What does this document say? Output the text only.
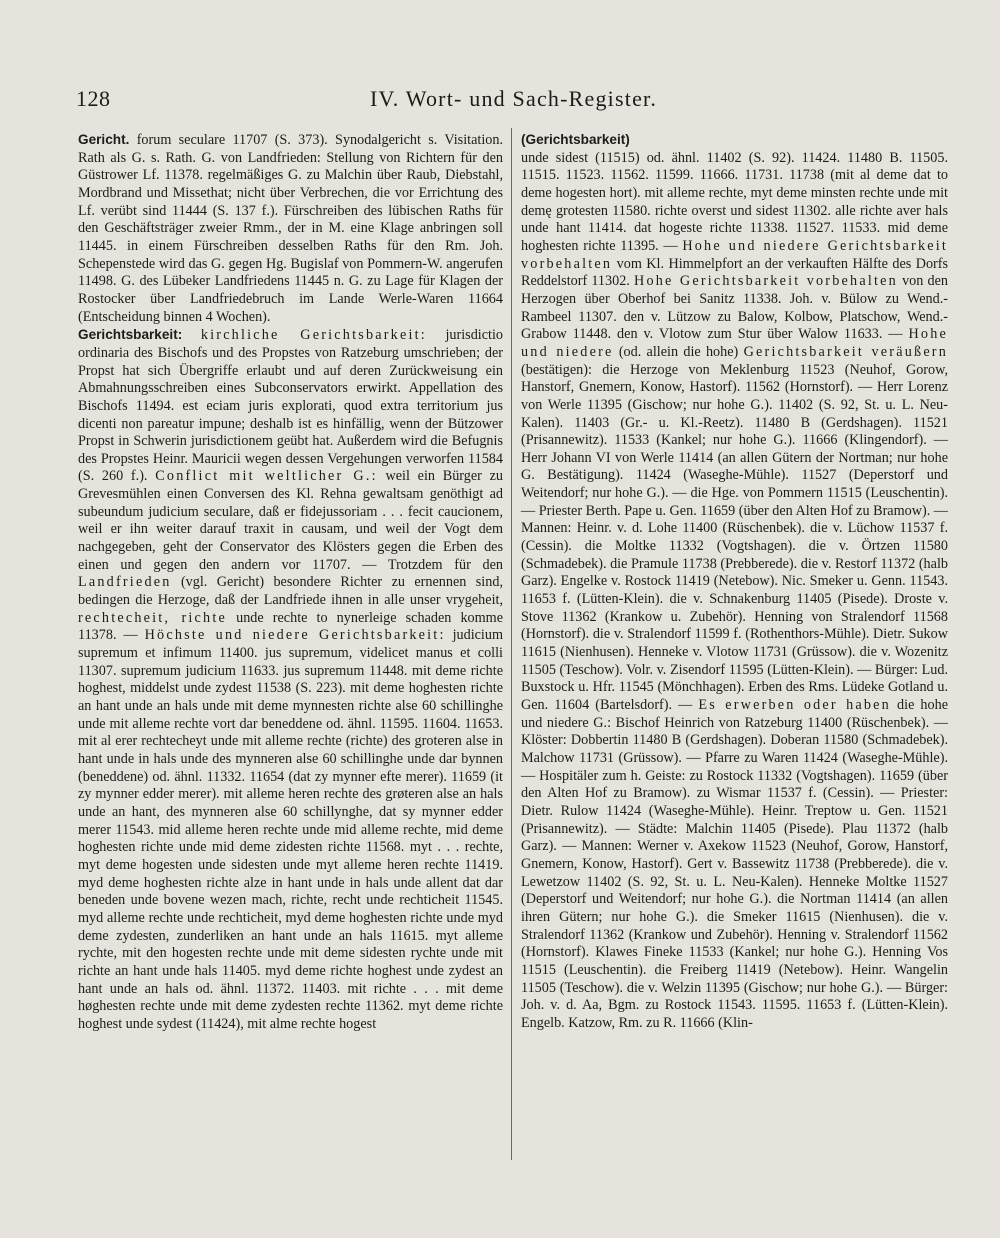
128	IV. Wort- und Sach-Register.

Gericht. forum seculare 11707 (S. 373). Synodalgericht s. Visitation. Rath als G. s. Rath. G. von Landfrieden: Stellung von Richtern für den Güstrower Lf. 11378. regelmäßiges G. zu Malchin über Raub, Diebstahl, Mordbrand und Missethat; nicht über Verbrechen, die vor Errichtung des Lf. verübt sind 11444 (S. 137 f.). Fürschreiben des lübischen Raths für den Geschäftsträger zweier Rmm., der in M. eine Klage anbringen soll 11445. in einem Fürschreiben desselben Raths für den Rm. Joh. Schepenstede wird das G. gegen Hg. Bugislaf von Pommern-W. angerufen 11498. G. des Lübeker Landfriedens 11445 n. G. zu Lage für Klagen der Rostocker über Landfriedebruch im Lande Werle-Waren 11664 (Entscheidung binnen 4 Wochen).

Gerichtsbarkeit: kirchliche Gerichtsbarkeit: jurisdictio ordinaria des Bischofs und des Propstes von Ratzeburg umschrieben; der Propst hat sich Übergriffe erlaubt und auf deren Zurückweisung ein Abmahnungsschreiben eines Subconservators erwirkt. Appellation des Bischofs 11494. est eciam juris explorati, quod extra territorium jus dicenti non pareatur impune; deshalb ist es hinfällig, wenn der Bützower Propst in Schwerin jurisdictionem geübt hat. Außerdem wird die Befugnis des Propstes Heinr. Mauricii wegen dessen Vergehungen verworfen 11584 (S. 260 f.). Conflict mit weltlicher G.: weil ein Bürger zu Grevesmühlen einen Conversen des Kl. Rehna gewaltsam genöthigt ad subeundum judicium seculare, daß er fidejussoriam . . . fecit caucionem, weil er ihn weiter darauf traxit in causam, und weil der Vogt dem nachgegeben, geht der Conservator des Klösters gegen die Erben des einen und gegen den andern vor 11707. — Trotzdem für den Landfrieden (vgl. Gericht) besondere Richter zu ernennen sind, bedingen die Herzoge, daß der Landfriede ihnen in alle unser vrygeheit, rechtecheit, richte unde rechte to nynerleige schaden komme 11378. — Höchste und niedere Gerichtsbarkeit: judicium supremum et infimum 11400. jus supremum, videlicet manus et colli 11307. supremum judicium 11633. jus supremum 11448. mit deme richte hoghest, middelst unde zydest 11538 (S. 223). mit deme hoghesten richte an hant unde an hals unde mit deme mynnesten richte alse 60 schillinghe unde mit alleme rechte vort dar beneddene od. ähnl. 11595. 11604. 11653. mit al erer rechtecheyt unde mit alleme rechte (richte) des groteren alse in hant unde in hals unde des mynneren alse 60 schillinghe unde dar bynnen (beneddene) od. ähnl. 11332. 11654 (dat zy mynner efte merer). 11659 (it zy mynner edder merer). mit alleme heren rechte des grøteren alse an hals unde an hant, des mynneren alse 60 schillynghe, dat sy mynner edder merer 11543. mid alleme heren rechte unde mid alleme rechte, mid deme hoghesten richte unde mid deme zidesten richte 11568. myt . . . rechte, myt deme hogesten unde sidesten unde myt alleme heren rechte 11419. myd deme hoghesten richte alze in hant unde in hals unde allent dat dar beneden unde bovene wezen mach, richte, recht unde rechticheit 11545. myd alleme rechte unde rechticheit, myd deme hoghesten richte unde myd deme zydesten, zunderliken an hant unde an hals 11615. myt alleme rychte, mit den hogesten rechte unde mit deme sidesten rychte unde mit richte an hant unde hals 11405. myd deme richte hoghest unde zydest an hant unde an hals od. ähnl. 11372. 11403. mit richte . . . mit deme høghesten rechte unde mit deme zydesten rechte 11362. myt deme richte hoghest unde sydest (11424), mit alme rechte hogest

(Gerichtsbarkeit)
unde sidest (11515) od. ähnl. 11402 (S. 92). 11424. 11480 B. 11505. 11515. 11523. 11562. 11599. 11666. 11731. 11738 (mit al deme dat to deme hogesten hort). mit alleme rechte, myt deme minsten rechte unde mit demę grotesten 11580. richte overst und sidest 11302. alle richte aver hals unde hant 11414. dat hogeste richte 11338. 11527. 11533. mid deme hoghesten richte 11395. — Hohe und niedere Gerichtsbarkeit vorbehalten vom Kl. Himmelpfort an der verkauften Hälfte des Dorfs Reddelstorf 11302. Hohe Gerichtsbarkeit vorbehalten von den Herzogen über Oberhof bei Sanitz 11338. Joh. v. Bülow zu Wend.-Rambeel 11307. den v. Lützow zu Balow, Kolbow, Platschow, Wend.-Grabow 11448. den v. Vlotow zum Stur über Walow 11633. — Hohe und niedere (od. allein die hohe) Gerichtsbarkeit veräußern (bestätigen): die Herzoge von Meklenburg 11523 (Neuhof, Gorow, Hanstorf, Gnemern, Konow, Hastorf). 11562 (Hornstorf). — Herr Lorenz von Werle 11395 (Gischow; nur hohe G.). 11402 (S. 92, St. u. L. Neu-Kalen). 11403 (Gr.- u. Kl.-Reetz). 11480 B (Gerdshagen). 11521 (Prisannewitz). 11533 (Kankel; nur hohe G.). 11666 (Klingendorf). — Herr Johann VI von Werle 11414 (an allen Gütern der Nortman; nur hohe G. Bestätigung). 11424 (Waseghe-Mühle). 11527 (Deperstorf und Weitendorf; nur hohe G.). — die Hge. von Pommern 11515 (Leuschentin). — Priester Berth. Pape u. Gen. 11659 (über den Alten Hof zu Bramow). — Mannen: Heinr. v. d. Lohe 11400 (Rüschenbek). die v. Lüchow 11537 f. (Cessin). die Moltke 11332 (Vogtshagen). die v. Örtzen 11580 (Schmadebek). die Pramule 11738 (Prebberede). die v. Restorf 11372 (halb Garz). Engelke v. Rostock 11419 (Netebow). Nic. Smeker u. Genn. 11543. 11653 f. (Lütten-Klein). die v. Schnakenburg 11405 (Pisede). Droste v. Stove 11362 (Krankow u. Zubehör). Henning von Stralendorf 11568 (Hornstorf). die v. Stralendorf 11599 f. (Rothenthors-Mühle). Dietr. Sukow 11615 (Nienhusen). Henneke v. Vlotow 11731 (Grüssow). die v. Wozenitz 11505 (Teschow). Volr. v. Zisendorf 11595 (Lütten-Klein). — Bürger: Lud. Buxstock u. Hfr. 11545 (Mönchhagen). Erben des Rms. Lüdeke Gotland u. Gen. 11604 (Bartelsdorf). — Es erwerben oder haben die hohe und niedere G.: Bischof Heinrich von Ratzeburg 11400 (Rüschenbek). — Klöster: Dobbertin 11480 B (Gerdshagen). Doberan 11580 (Schmadebek). Malchow 11731 (Grüssow). — Pfarre zu Waren 11424 (Waseghe-Mühle). — Hospitäler zum h. Geiste: zu Rostock 11332 (Vogtshagen). 11659 (über den Alten Hof zu Bramow). zu Wismar 11537 f. (Cessin). — Priester: Dietr. Rulow 11424 (Waseghe-Mühle). Heinr. Treptow u. Gen. 11521 (Prisannewitz). — Städte: Malchin 11405 (Pisede). Plau 11372 (halb Garz). — Mannen: Werner v. Axekow 11523 (Neuhof, Gorow, Hanstorf, Gnemern, Konow, Hastorf). Gert v. Bassewitz 11738 (Prebberede). die v. Lewetzow 11402 (S. 92, St. u. L. Neu-Kalen). Henneke Moltke 11527 (Deperstorf und Weitendorf; nur hohe G.). die Nortman 11414 (an allen ihren Gütern; nur hohe G.). die Smeker 11615 (Nienhusen). die v. Stralendorf 11362 (Krankow und Zubehör). Henning v. Stralendorf 11562 (Hornstorf). Klawes Fineke 11533 (Kankel; nur hohe G.). Henning Vos 11515 (Leuschentin). die Freiberg 11419 (Netebow). Heinr. Wangelin 11505 (Teschow). die v. Welzin 11395 (Gischow; nur hohe G.). — Bürger: Joh. v. d. Aa, Bgm. zu Rostock 11543. 11595. 11653 f. (Lütten-Klein). Engelb. Katzow, Rm. zu R. 11666 (Klin-
